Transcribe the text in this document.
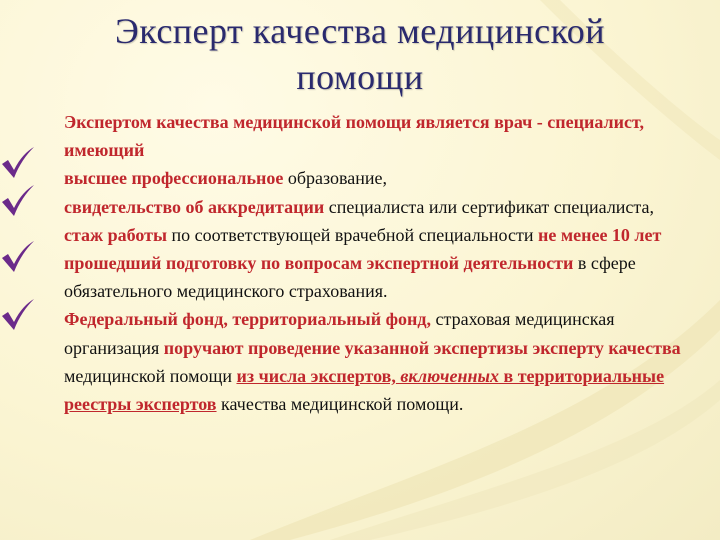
Эксперт качества медицинской
помощи

Экспертом качества медицинской помощи является врач - специалист, имеющий

высшее профессиональное образование,

свидетельство об аккредитации специалиста или сертификат специалиста,

стаж работы по соответствующей врачебной специальности не менее 10 лет

прошедший подготовку по вопросам экспертной деятельности в сфере обязательного медицинского страхования.

Федеральный фонд, территориальный фонд, страховая медицинская организация поручают проведение указанной экспертизы эксперту качества медицинской помощи из числа экспертов, включенных в территориальные реестры экспертов качества медицинской помощи.
